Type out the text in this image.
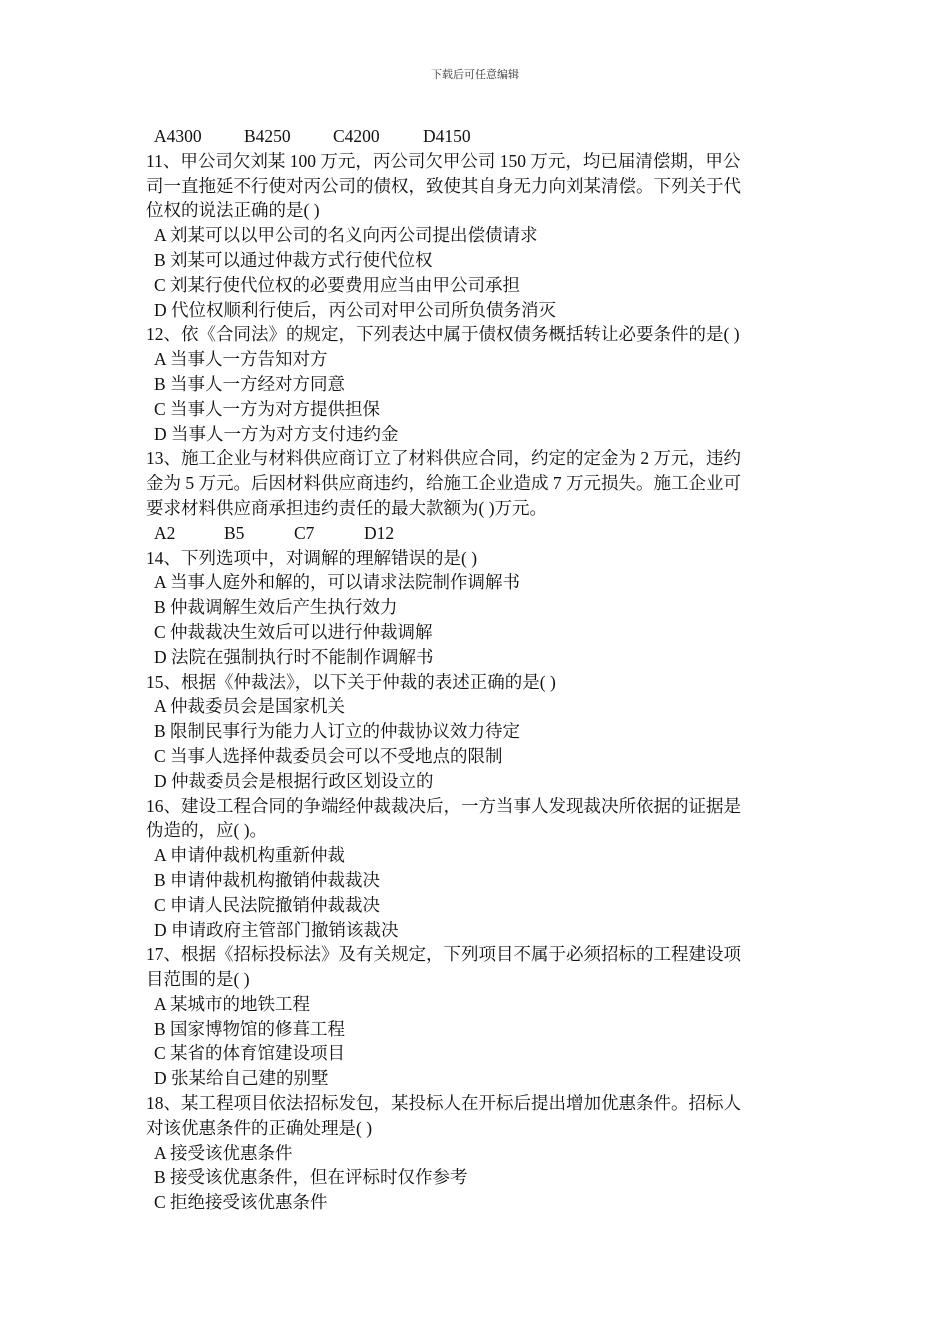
下载后可任意编辑
A4300	B4250	C4200	D4150
11、甲公司欠刘某 100 万元，丙公司欠甲公司 150 万元，均已届清偿期，甲公
司一直拖延不行使对丙公司的债权，致使其自身无力向刘某清偿。下列关于代
位权的说法正确的是( )
A 刘某可以以甲公司的名义向丙公司提出偿债请求
B 刘某可以通过仲裁方式行使代位权
C 刘某行使代位权的必要费用应当由甲公司承担
D 代位权顺利行使后，丙公司对甲公司所负债务消灭
12、依《合同法》的规定，下列表达中属于债权债务概括转让必要条件的是( )
A 当事人一方告知对方
B 当事人一方经对方同意
C 当事人一方为对方提供担保
D 当事人一方为对方支付违约金
13、施工企业与材料供应商订立了材料供应合同，约定的定金为 2 万元，违约
金为 5 万元。后因材料供应商违约，给施工企业造成 7 万元损失。施工企业可
要求材料供应商承担违约责任的最大款额为( )万元。
A2	B5	C7	D12
14、下列选项中，对调解的理解错误的是( )
A 当事人庭外和解的，可以请求法院制作调解书
B 仲裁调解生效后产生执行效力
C 仲裁裁决生效后可以进行仲裁调解
D 法院在强制执行时不能制作调解书
15、根据《仲裁法》，以下关于仲裁的表述正确的是( )
A 仲裁委员会是国家机关
B 限制民事行为能力人订立的仲裁协议效力待定
C 当事人选择仲裁委员会可以不受地点的限制
D 仲裁委员会是根据行政区划设立的
16、建设工程合同的争端经仲裁裁决后，一方当事人发现裁决所依据的证据是
伪造的，应( )。
A 申请仲裁机构重新仲裁
B 申请仲裁机构撤销仲裁裁决
C 申请人民法院撤销仲裁裁决
D 申请政府主管部门撤销该裁决
17、根据《招标投标法》及有关规定，下列项目不属于必须招标的工程建设项
目范围的是( )
A 某城市的地铁工程
B 国家博物馆的修葺工程
C 某省的体育馆建设项目
D 张某给自己建的别墅
18、某工程项目依法招标发包，某投标人在开标后提出增加优惠条件。招标人
对该优惠条件的正确处理是( )
A 接受该优惠条件
B 接受该优惠条件，但在评标时仅作参考
C 拒绝接受该优惠条件
